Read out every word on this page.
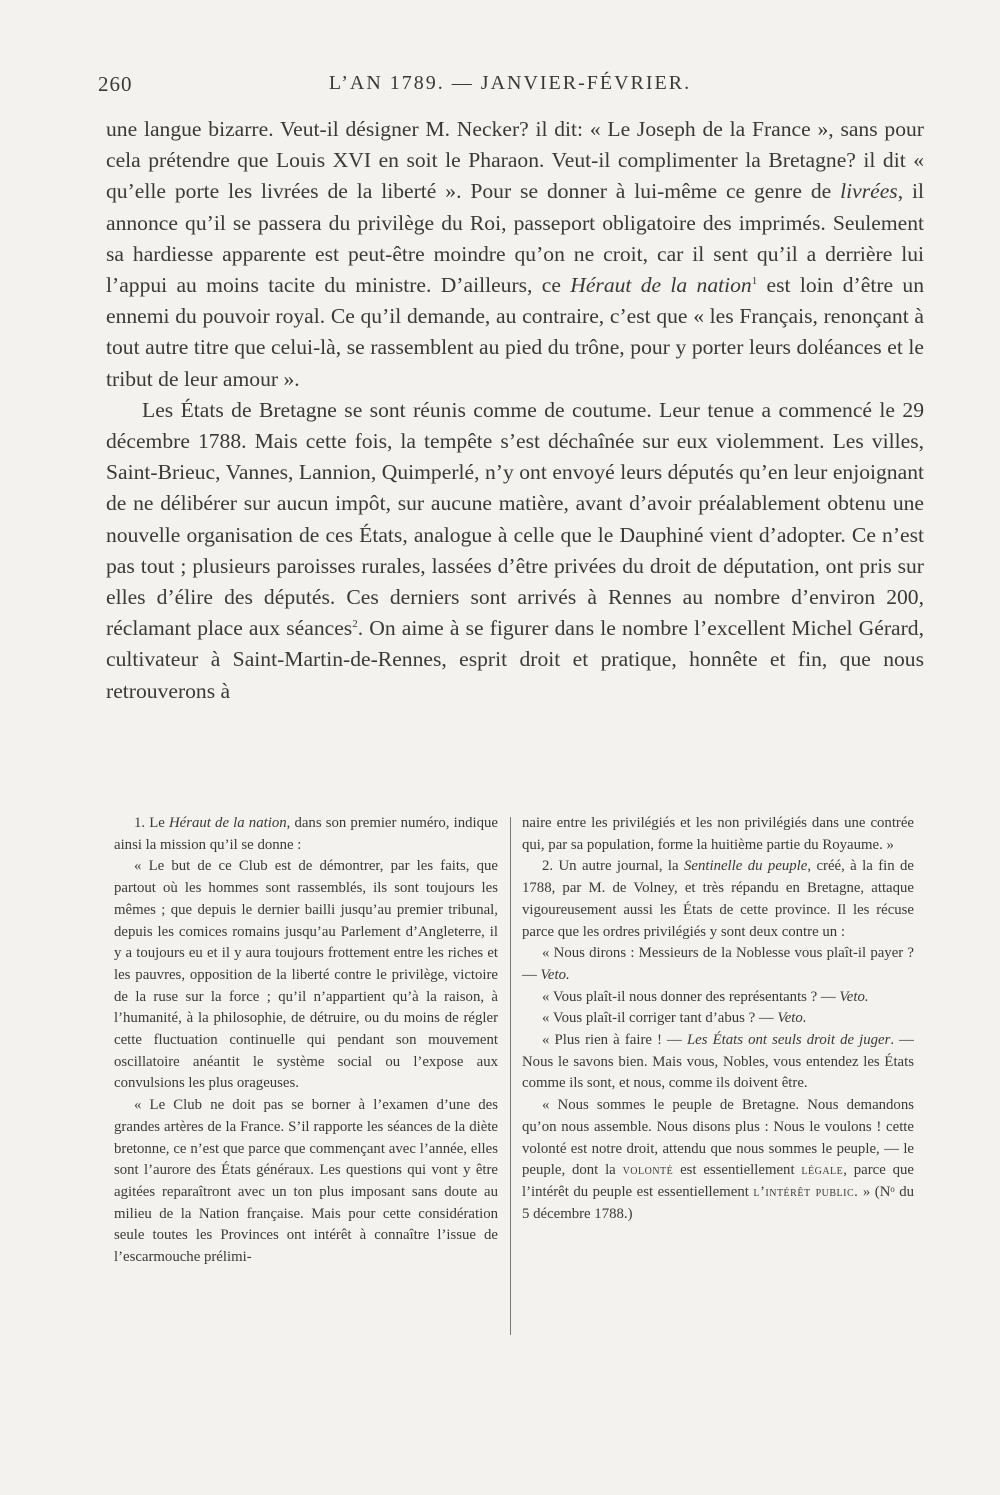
260	L’AN 1789. — JANVIER-FÉVRIER.

une langue bizarre. Veut-il désigner M. Necker? il dit: « Le Joseph de la France », sans pour cela prétendre que Louis XVI en soit le Pharaon. Veut-il complimenter la Bretagne? il dit « qu’elle porte les livrées de la liberté ». Pour se donner à lui-même ce genre de livrées, il annonce qu’il se passera du privilège du Roi, passeport obligatoire des imprimés. Seulement sa hardiesse apparente est peut-être moindre qu’on ne croit, car il sent qu’il a derrière lui l’appui au moins tacite du ministre. D’ailleurs, ce Héraut de la nation$^1$ est loin d’être un ennemi du pouvoir royal. Ce qu’il demande, au contraire, c’est que « les Français, renonçant à tout autre titre que celui-là, se rassemblent au pied du trône, pour y porter leurs doléances et le tribut de leur amour ».

Les États de Bretagne se sont réunis comme de coutume. Leur tenue a commencé le 29 décembre 1788. Mais cette fois, la tempête s’est déchaînée sur eux violemment. Les villes, Saint-Brieuc, Vannes, Lannion, Quimperlé, n’y ont envoyé leurs députés qu’en leur enjoignant de ne délibérer sur aucun impôt, sur aucune matière, avant d’avoir préalablement obtenu une nouvelle organisation de ces États, analogue à celle que le Dauphiné vient d’adopter. Ce n’est pas tout ; plusieurs paroisses rurales, lassées d’être privées du droit de députation, ont pris sur elles d’élire des députés. Ces derniers sont arrivés à Rennes au nombre d’environ 200, réclamant place aux séances$^2$. On aime à se figurer dans le nombre l’excellent Michel Gérard, cultivateur à Saint-Martin-de-Rennes, esprit droit et pratique, honnête et fin, que nous retrouverons à

1. Le Héraut de la nation, dans son premier numéro, indique ainsi la mission qu’il se donne :

« Le but de ce Club est de démontrer, par les faits, que partout où les hommes sont rassemblés, ils sont toujours les mêmes ; que depuis le dernier bailli jusqu’au premier tribunal, depuis les comices romains jusqu’au Parlement d’Angleterre, il y a toujours eu et il y aura toujours frottement entre les riches et les pauvres, opposition de la liberté contre le privilège, victoire de la ruse sur la force ; qu’il n’appartient qu’à la raison, à l’humanité, à la philosophie, de détruire, ou du moins de régler cette fluctuation continuelle qui pendant son mouvement oscillatoire anéantit le système social ou l’expose aux convulsions les plus orageuses.

« Le Club ne doit pas se borner à l’examen d’une des grandes artères de la France. S’il rapporte les séances de la diète bretonne, ce n’est que parce que commençant avec l’année, elles sont l’aurore des États généraux. Les questions qui vont y être agitées reparaîtront avec un ton plus imposant sans doute au milieu de la Nation française. Mais pour cette considération seule toutes les Provinces ont intérêt à connaître l’issue de l’escarmouche prélimi-

naire entre les privilégiés et les non privilégiés dans une contrée qui, par sa population, forme la huitième partie du Royaume. »

2. Un autre journal, la Sentinelle du peuple, créé, à la fin de 1788, par M. de Volney, et très répandu en Bretagne, attaque vigoureusement aussi les États de cette province. Il les récuse parce que les ordres privilégiés y sont deux contre un :

« Nous dirons : Messieurs de la Noblesse vous plaît-il payer ? — Veto.

« Vous plaît-il nous donner des représentants ? — Veto.

« Vous plaît-il corriger tant d’abus ? — Veto.

« Plus rien à faire ! — Les États ont seuls droit de juger. — Nous le savons bien. Mais vous, Nobles, vous entendez les États comme ils sont, et nous, comme ils doivent être.

« Nous sommes le peuple de Bretagne. Nous demandons qu’on nous assemble. Nous disons plus : Nous le voulons ! cette volonté est notre droit, attendu que nous sommes le peuple, — le peuple, dont la volonté est essentiellement légale, parce que l’intérêt du peuple est essentiellement l’intérêt public. » (Nᵒ du 5 décembre 1788.)
